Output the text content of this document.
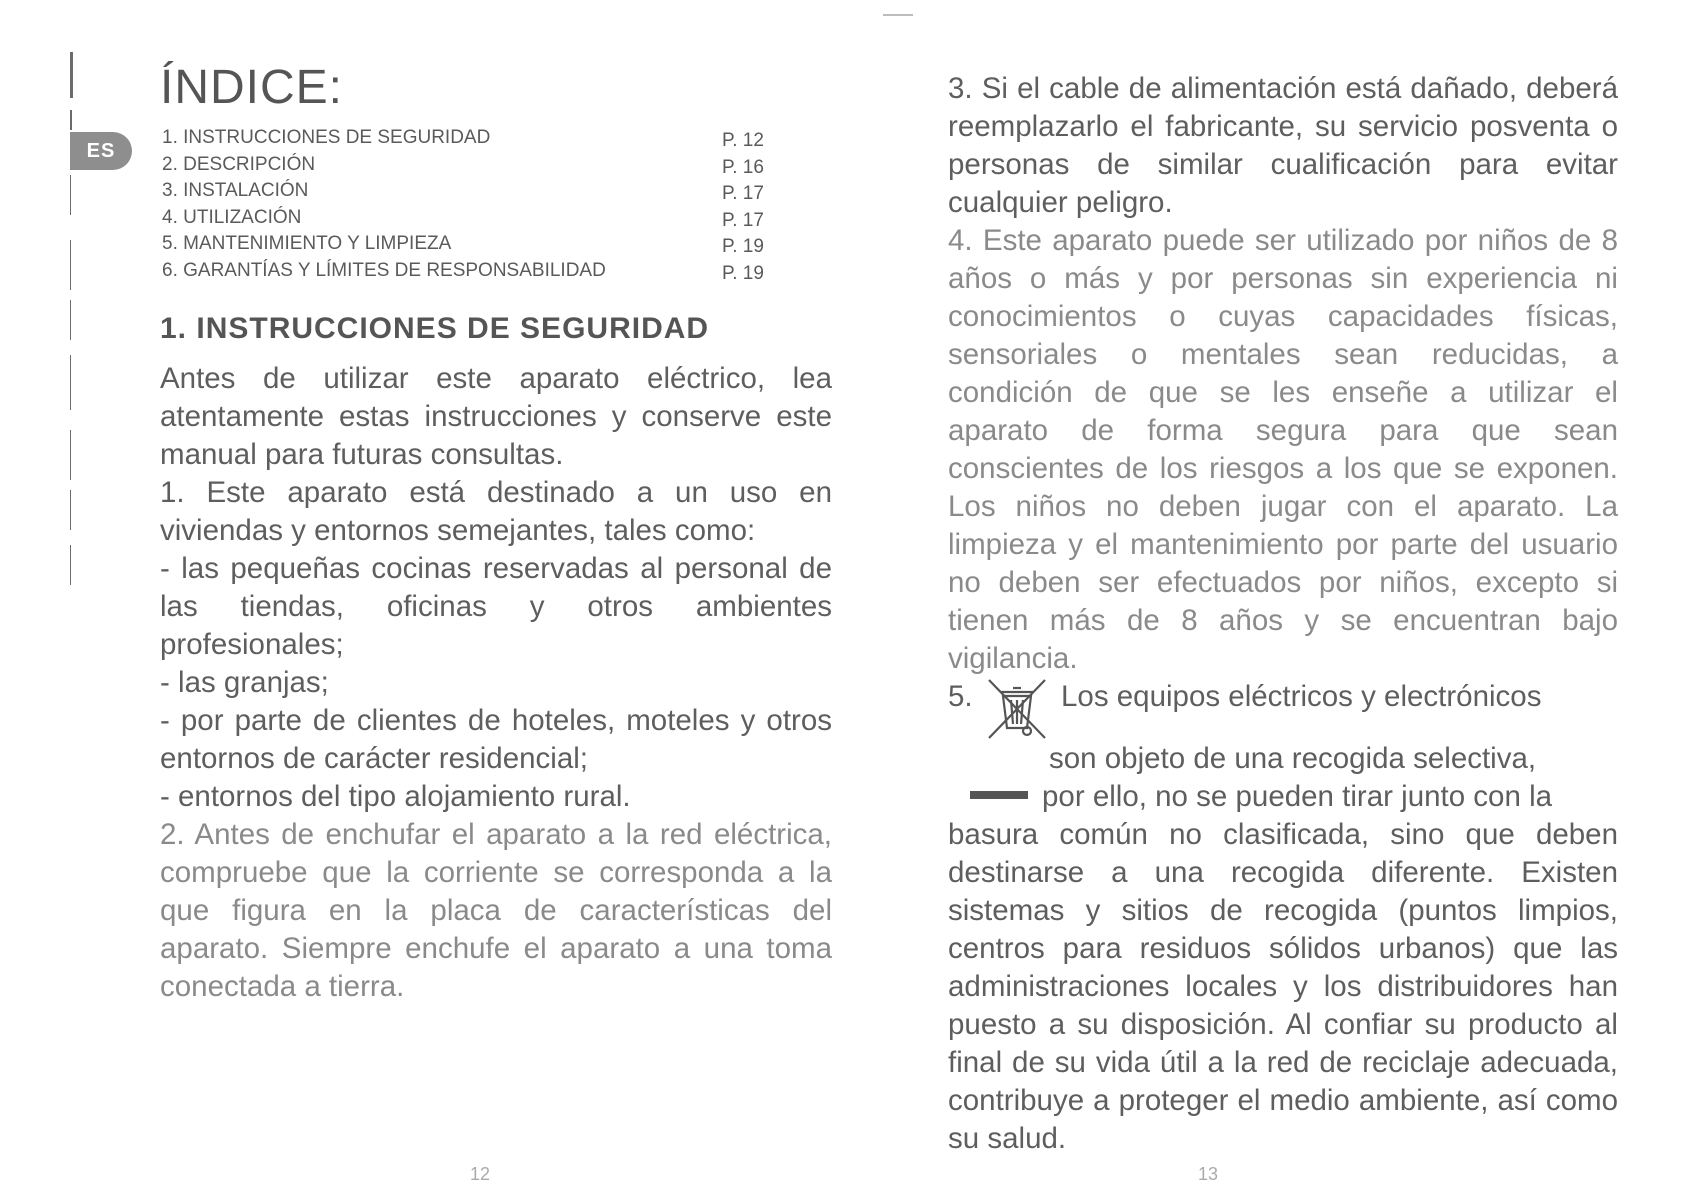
ES
ÍNDICE:
1. INSTRUCCIONES DE SEGURIDAD	P. 12
2. DESCRIPCIÓN	P. 16
3. INSTALACIÓN	P. 17
4. UTILIZACIÓN	P. 17
5. MANTENIMIENTO Y LIMPIEZA	P. 19
6. GARANTÍAS Y LÍMITES DE RESPONSABILIDAD	P. 19
1. INSTRUCCIONES DE SEGURIDAD

Antes de utilizar este aparato eléctrico, lea atentamente estas instrucciones y conserve este manual para futuras consultas.

1. Este aparato está destinado a un uso en viviendas y entornos semejantes, tales como:

- las pequeñas cocinas reservadas al personal de las tiendas, oficinas y otros ambientes profesionales;

- las granjas;

- por parte de clientes de hoteles, moteles y otros entornos de carácter residencial;

- entornos del tipo alojamiento rural.

2. Antes de enchufar el aparato a la red eléctrica, compruebe que la corriente se corresponda a la que figura en la placa de características del aparato. Siempre enchufe el aparato a una toma conectada a tierra.

12

3. Si el cable de alimentación está dañado, deberá reemplazarlo el fabricante, su servicio posventa o personas de similar cualificación para evitar cualquier peligro.

4. Este aparato puede ser utilizado por niños de 8 años o más y por personas sin experiencia ni conocimientos o cuyas capacidades físicas, sensoriales o mentales sean reducidas, a condición de que se les enseñe a utilizar el aparato de forma segura para que sean conscientes de los riesgos a los que se exponen. Los niños no deben jugar con el aparato. La limpieza y el mantenimiento por parte del usuario no deben ser efectuados por niños, excepto si tienen más de 8 años y se encuentran bajo vigilancia.

5.	Los equipos eléctricos y electrónicos

son objeto de una recogida selectiva,

por ello, no se pueden tirar junto con la

basura común no clasificada, sino que deben destinarse a una recogida diferente. Existen sistemas y sitios de recogida (puntos limpios, centros para residuos sólidos urbanos) que las administraciones locales y los distribuidores han puesto a su disposición. Al confiar su producto al final de su vida útil a la red de reciclaje adecuada, contribuye a proteger el medio ambiente, así como su salud.

13
